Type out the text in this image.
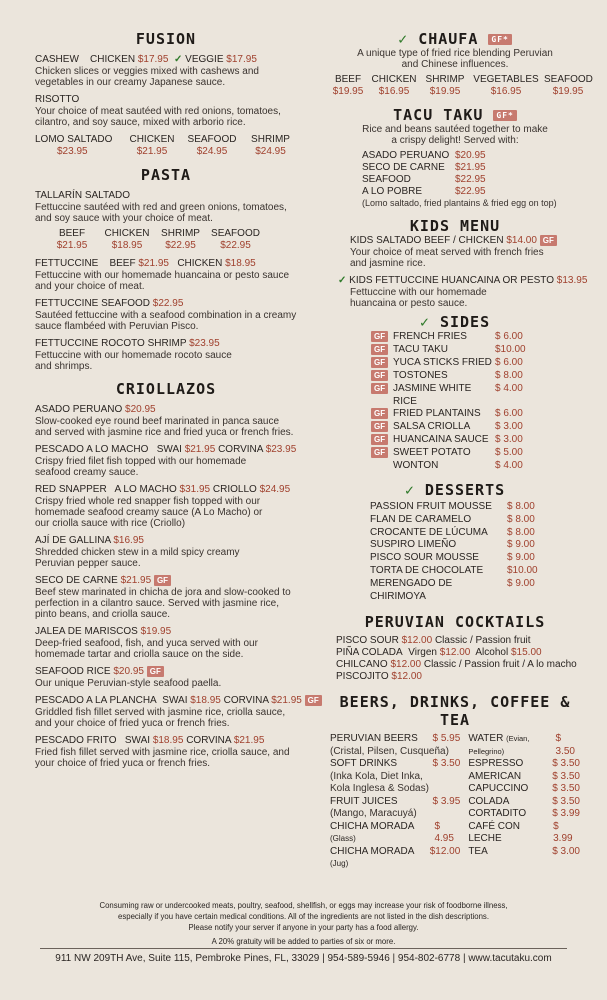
FUSION
CASHEW CHICKEN $17.95 ✓ VEGGIE $17.95
Chicken slices or veggies mixed with cashews and vegetables in our creamy Japanese sauce.
RISOTTO
Your choice of meat sautéed with red onions, tomatoes, cilantro, and soy sauce, mixed with arborio rice.
LOMO SALTADO	CHICKEN	SEAFOOD	SHRIMP
$23.95	$21.95	$24.95	$24.95
PASTA
TALLARÍN SALTADO
Fettuccine sautéed with red and green onions, tomatoes, and soy sauce with your choice of meat.
BEEF	CHICKEN	SHRIMP	SEAFOOD
$21.95	$18.95	$22.95	$22.95
FETTUCCINE BEEF $21.95 CHICKEN $18.95
Fettuccine with our homemade huancaina or pesto sauce and your choice of meat.
FETTUCCINE SEAFOOD $22.95
Sautéed fettuccine with a seafood combination in a creamy sauce flambéed with Peruvian Pisco.
FETTUCCINE ROCOTO SHRIMP $23.95
Fettuccine with our homemade rocoto sauce and shrimps.
CRIOLLAZOS
ASADO PERUANO $20.95
Slow-cooked eye round beef marinated in panca sauce and served with jasmine rice and fried yuca or french fries.
PESCADO A LO MACHO SWAI $21.95 CORVINA $23.95
Crispy fried filet fish topped with our homemade seafood creamy sauce.
RED SNAPPER A LO MACHO $31.95 CRIOLLO $24.95
Crispy fried whole red snapper fish topped with our homemade seafood creamy sauce (A Lo Macho) or our criolla sauce with rice (Criollo)
AJÍ DE GALLINA $16.95
Shredded chicken stew in a mild spicy creamy Peruvian pepper sauce.
SECO DE CARNE $21.95 GF
Beef stew marinated in chicha de jora and slow-cooked to perfection in a cilantro sauce. Served with jasmine rice, pinto beans, and criolla sauce.
JALEA DE MARISCOS $19.95
Deep-fried seafood, fish, and yuca served with our homemade tartar and criolla sauce on the side.
SEAFOOD RICE $20.95 GF
Our unique Peruvian-style seafood paella.
PESCADO A LA PLANCHA SWAI $18.95 CORVINA $21.95 GF
Griddled fish fillet served with jasmine rice, criolla sauce, and your choice of fried yuca or french fries.
PESCADO FRITO SWAI $18.95 CORVINA $21.95
Fried fish fillet served with jasmine rice, criolla sauce, and your choice of fried yuca or french fries.
✓ CHAUFA GF*
A unique type of fried rice blending Peruvian and Chinese influences.
BEEF	CHICKEN SHRIMP VEGETABLES SEAFOOD
$19.95	$16.95	$19.95	$16.95	$19.95
TACU TAKU GF*
Rice and beans sautéed together to make a crispy delight! Served with:
ASADO PERUANO $20.95
SECO DE CARNE	$21.95
SEAFOOD	$22.95
A LO POBRE	$22.95
(Lomo saltado, fried plantains & fried egg on top)
KIDS MENU
KIDS SALTADO BEEF / CHICKEN $14.00 GF
Your choice of meat served with french fries and jasmine rice.
✓ KIDS FETTUCCINE HUANCAINA OR PESTO $13.95
Fettuccine with our homemade huancaina or pesto sauce.
✓ SIDES
GF FRENCH FRIES	$ 6.00
GF TACU TAKU	$10.00
GF YUCA STICKS FRIED $ 6.00
GF TOSTONES	$ 8.00
GF JASMINE WHITE RICE
$ 4.00
GF FRIED PLANTAINS	$ 6.00
GF SALSA CRIOLLA	$ 3.00
GF HUANCAINA SAUCE $ 3.00
GF SWEET POTATO	$ 5.00
WONTON	$ 4.00
✓ DESSERTS
PASSION FRUIT MOUSSE	$ 8.00
FLAN DE CARAMELO	$ 8.00
CROCANTE DE LÚCUMA	$ 8.00
SUSPIRO LIMEÑO	$ 9.00
PISCO SOUR MOUSSE	$ 9.00
TORTA DE CHOCOLATE	$10.00
MERENGADO DE CHIRIMOYA
$ 9.00
PERUVIAN COCKTAILS
PISCO SOUR $12.00 Classic / Passion fruit
PIÑA COLADA Virgen $12.00 Alcohol $15.00
CHILCANO $12.00 Classic / Passion fruit / A lo macho
PISCOJITO $12.00
BEERS, DRINKS, COFFEE & TEA
PERUVIAN BEERS $ 5.95
(Cristal, Pilsen, Cusqueña)
SOFT DRINKS	$ 3.50
(Inka Kola, Diet Inka,
Kola Inglesa & Sodas)
FRUIT JUICES	$ 3.95
(Mango, Maracuyá)
CHICHA MORADA (Glass)
$ 4.95
CHICHA MORADA (Jug)
$12.00
WATER (Evian, Pellegrino)
$ 3.50
ESPRESSO	$ 3.50
AMERICAN	$ 3.50
CAPUCCINO $ 3.50
COLADA	$ 3.50
CORTADITO	$ 3.99
CAFÉ CON LECHE
$ 3.99
TEA	$ 3.00
Consuming raw or undercooked meats, poultry, seafood, shellfish, or eggs may increase your risk of foodborne illness,
especially if you have certain medical conditions. All of the ingredients are not listed in the dish descriptions.
Please notify your server if anyone in your party has a food allergy.
A 20% gratuity will be added to parties of six or more.
911 NW 209TH Ave, Suite 115, Pembroke Pines, FL, 33029 | 954-589-5946 | 954-802-6778 | www.tacutaku.com
